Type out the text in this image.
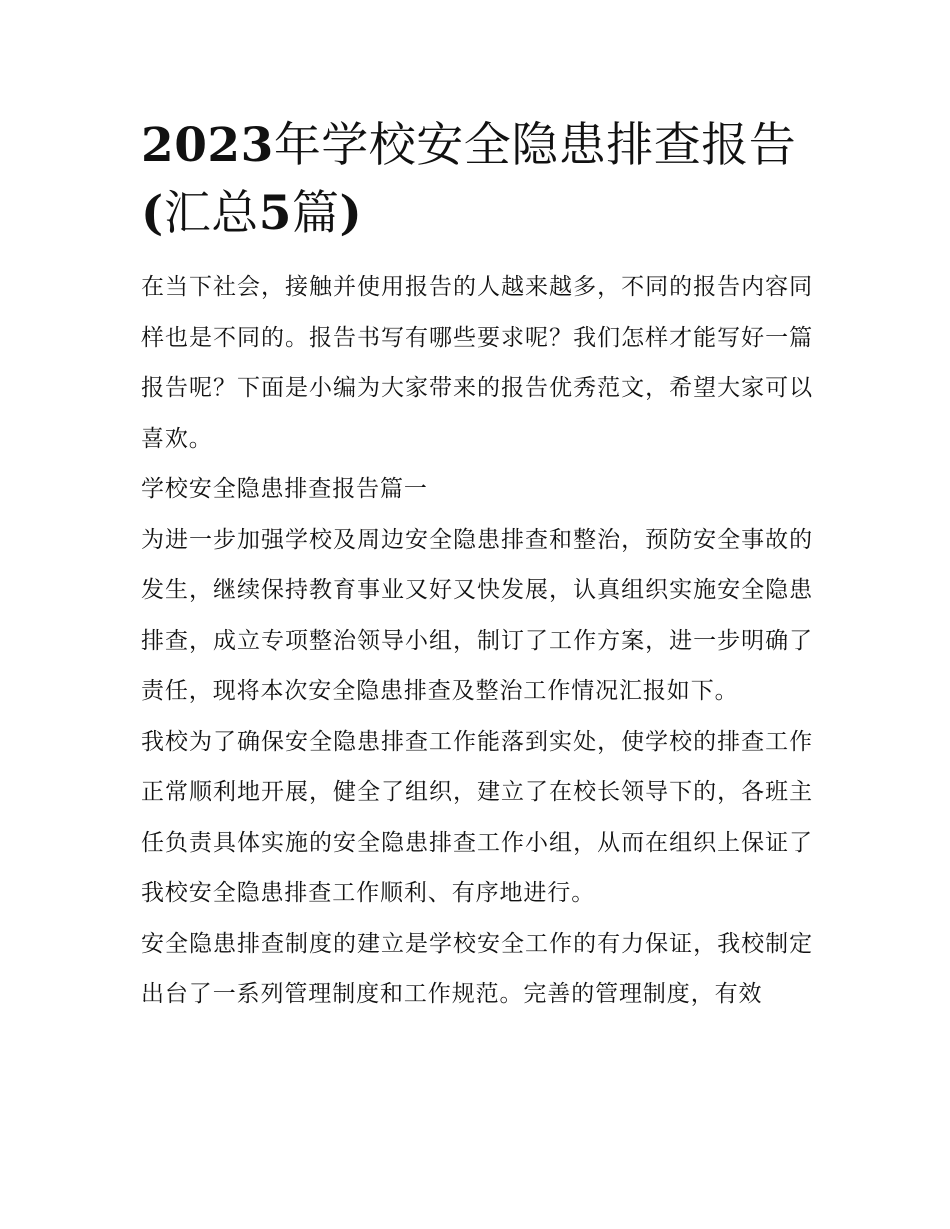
2023年学校安全隐患排查报告
(汇总5篇)

在当下社会，接触并使用报告的人越来越多，不同的报告内容同样也是不同的。报告书写有哪些要求呢？我们怎样才能写好一篇报告呢？下面是小编为大家带来的报告优秀范文，希望大家可以喜欢。

学校安全隐患排查报告篇一

为进一步加强学校及周边安全隐患排查和整治，预防安全事故的发生，继续保持教育事业又好又快发展，认真组织实施安全隐患排查，成立专项整治领导小组，制订了工作方案，进一步明确了责任，现将本次安全隐患排查及整治工作情况汇报如下。

我校为了确保安全隐患排查工作能落到实处，使学校的排查工作正常顺利地开展，健全了组织，建立了在校长领导下的，各班主任负责具体实施的安全隐患排查工作小组，从而在组织上保证了我校安全隐患排查工作顺利、有序地进行。

安全隐患排查制度的建立是学校安全工作的有力保证，我校制定出台了一系列管理制度和工作规范。完善的管理制度，有效
